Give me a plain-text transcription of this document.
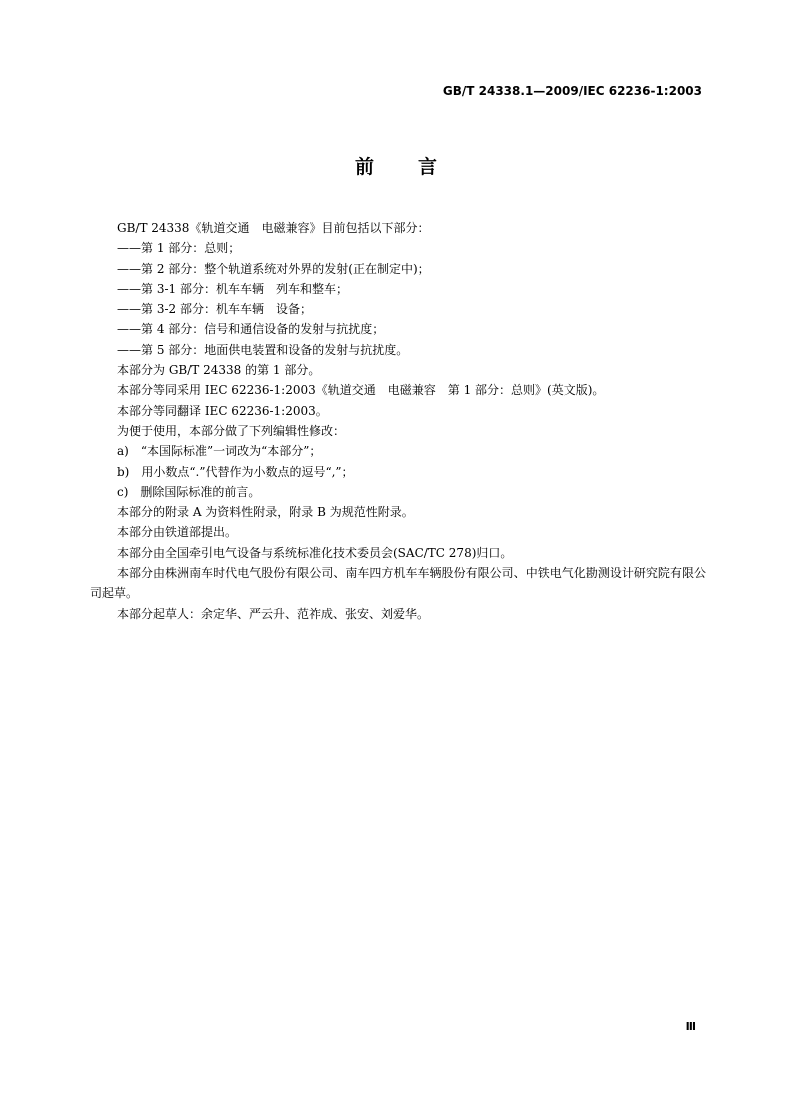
GB/T 24338.1—2009/IEC 62236-1:2003
前言

GB/T 24338《轨道交通　电磁兼容》目前包括以下部分：

——第 1 部分：总则；

——第 2 部分：整个轨道系统对外界的发射(正在制定中)；

——第 3-1 部分：机车车辆　列车和整车；

——第 3-2 部分：机车车辆　设备；

——第 4 部分：信号和通信设备的发射与抗扰度；

——第 5 部分：地面供电装置和设备的发射与抗扰度。

本部分为 GB/T 24338 的第 1 部分。

本部分等同采用 IEC 62236-1:2003《轨道交通　电磁兼容　第 1 部分：总则》(英文版)。

本部分等同翻译 IEC 62236-1:2003。

为便于使用，本部分做了下列编辑性修改：

a)　“本国际标准”一词改为“本部分”；

b)　用小数点“.”代替作为小数点的逗号“,”；

c)　删除国际标准的前言。

本部分的附录 A 为资料性附录，附录 B 为规范性附录。

本部分由铁道部提出。

本部分由全国牵引电气设备与系统标准化技术委员会(SAC/TC 278)归口。

本部分由株洲南车时代电气股份有限公司、南车四方机车车辆股份有限公司、中铁电气化勘测设计研究院有限公司起草。

本部分起草人：余定华、严云升、范祚成、张安、刘爱华。

Ⅲ
